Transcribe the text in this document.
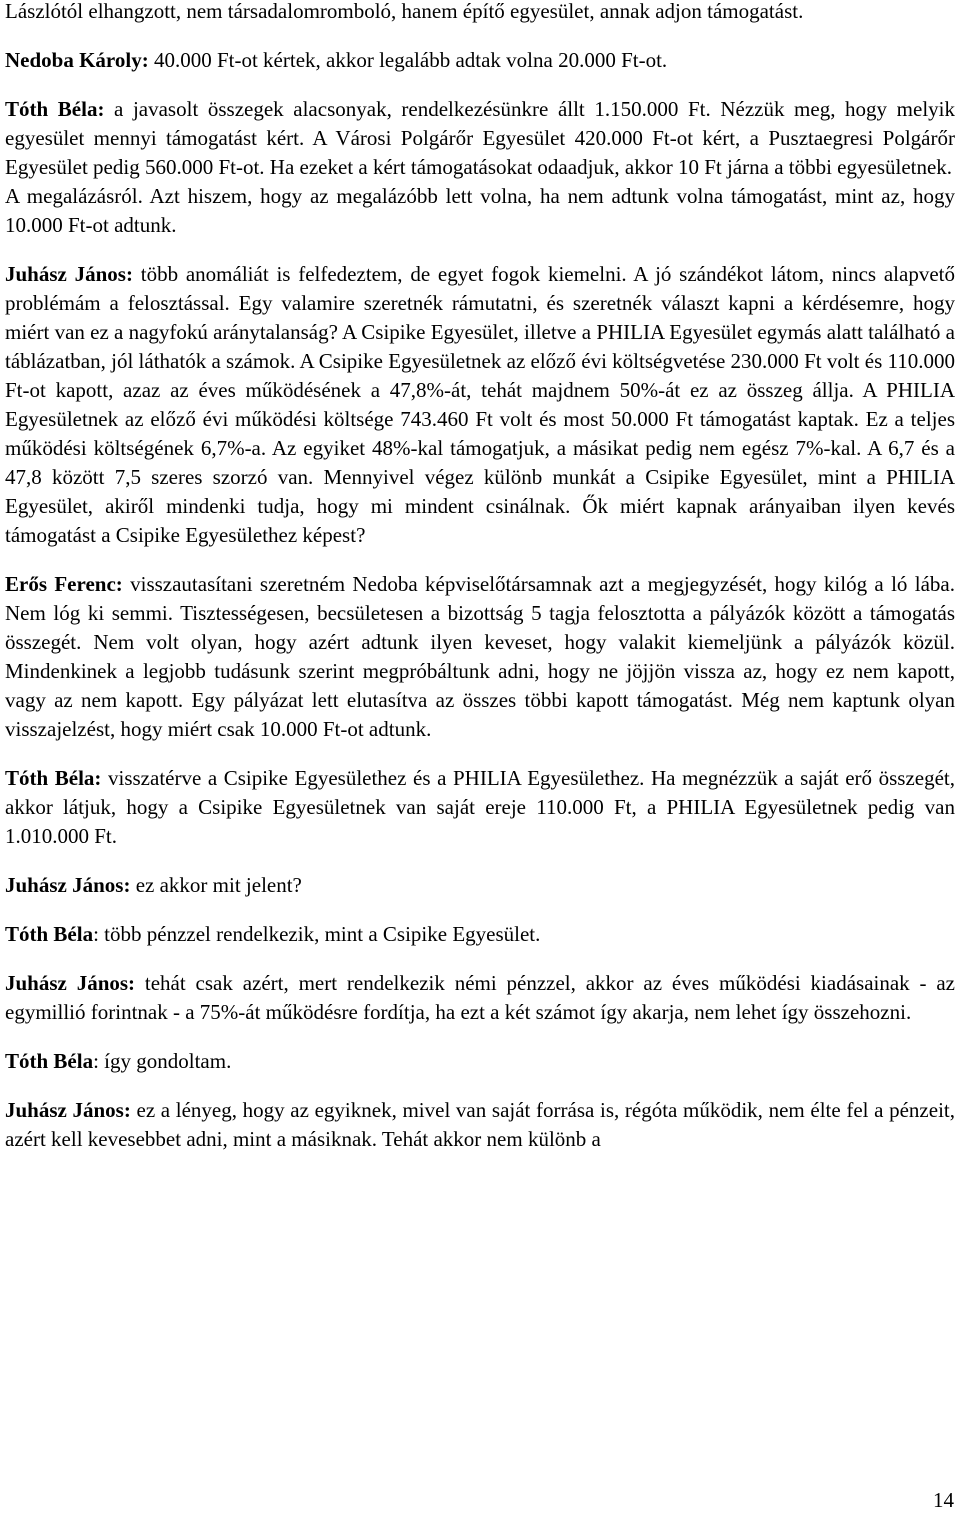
Lászlótól elhangzott, nem társadalomromboló, hanem építő egyesület, annak adjon támogatást.

Nedoba Károly: 40.000 Ft-ot kértek, akkor legalább adtak volna 20.000 Ft-ot.

Tóth Béla: a javasolt összegek alacsonyak, rendelkezésünkre állt 1.150.000 Ft. Nézzük meg, hogy melyik egyesület mennyi támogatást kért. A Városi Polgárőr Egyesület 420.000 Ft-ot kért, a Pusztaegresi Polgárőr Egyesület pedig 560.000 Ft-ot. Ha ezeket a kért támogatásokat odaadjuk, akkor 10 Ft járna a többi egyesületnek.

A megalázásról. Azt hiszem, hogy az megalázóbb lett volna, ha nem adtunk volna támogatást, mint az, hogy 10.000 Ft-ot adtunk.

Juhász János: több anomáliát is felfedeztem, de egyet fogok kiemelni. A jó szándékot látom, nincs alapvető problémám a felosztással. Egy valamire szeretnék rámutatni, és szeretnék választ kapni a kérdésemre, hogy miért van ez a nagyfokú aránytalanság? A Csipike Egyesület, illetve a PHILIA Egyesület egymás alatt található a táblázatban, jól láthatók a számok. A Csipike Egyesületnek az előző évi költségvetése 230.000 Ft volt és 110.000 Ft-ot kapott, azaz az éves működésének a 47,8%-át, tehát majdnem 50%-át ez az összeg állja. A PHILIA Egyesületnek az előző évi működési költsége 743.460 Ft volt és most 50.000 Ft támogatást kaptak. Ez a teljes működési költségének 6,7%-a. Az egyiket 48%-kal támogatjuk, a másikat pedig nem egész 7%-kal. A 6,7 és a 47,8 között 7,5 szeres szorzó van. Mennyivel végez különb munkát a Csipike Egyesület, mint a PHILIA Egyesület, akiről mindenki tudja, hogy mi mindent csinálnak. Ők miért kapnak arányaiban ilyen kevés támogatást a Csipike Egyesülethez képest?

Erős Ferenc: visszautasítani szeretném Nedoba képviselőtársamnak azt a megjegyzését, hogy kilóg a ló lába. Nem lóg ki semmi. Tisztességesen, becsületesen a bizottság 5 tagja felosztotta a pályázók között a támogatás összegét. Nem volt olyan, hogy azért adtunk ilyen keveset, hogy valakit kiemeljünk a pályázók közül. Mindenkinek a legjobb tudásunk szerint megpróbáltunk adni, hogy ne jöjjön vissza az, hogy ez nem kapott, vagy az nem kapott. Egy pályázat lett elutasítva az összes többi kapott támogatást. Még nem kaptunk olyan visszajelzést, hogy miért csak 10.000 Ft-ot adtunk.

Tóth Béla: visszatérve a Csipike Egyesülethez és a PHILIA Egyesülethez. Ha megnézzük a saját erő összegét, akkor látjuk, hogy a Csipike Egyesületnek van saját ereje 110.000 Ft, a PHILIA Egyesületnek pedig van 1.010.000 Ft.

Juhász János: ez akkor mit jelent?

Tóth Béla: több pénzzel rendelkezik, mint a Csipike Egyesület.

Juhász János: tehát csak azért, mert rendelkezik némi pénzzel, akkor az éves működési kiadásainak - az egymillió forintnak - a 75%-át működésre fordítja, ha ezt a két számot így akarja, nem lehet így összehozni.

Tóth Béla: így gondoltam.

Juhász János: ez a lényeg, hogy az egyiknek, mivel van saját forrása is, régóta működik, nem élte fel a pénzeit, azért kell kevesebbet adni, mint a másiknak. Tehát akkor nem különb a

14
